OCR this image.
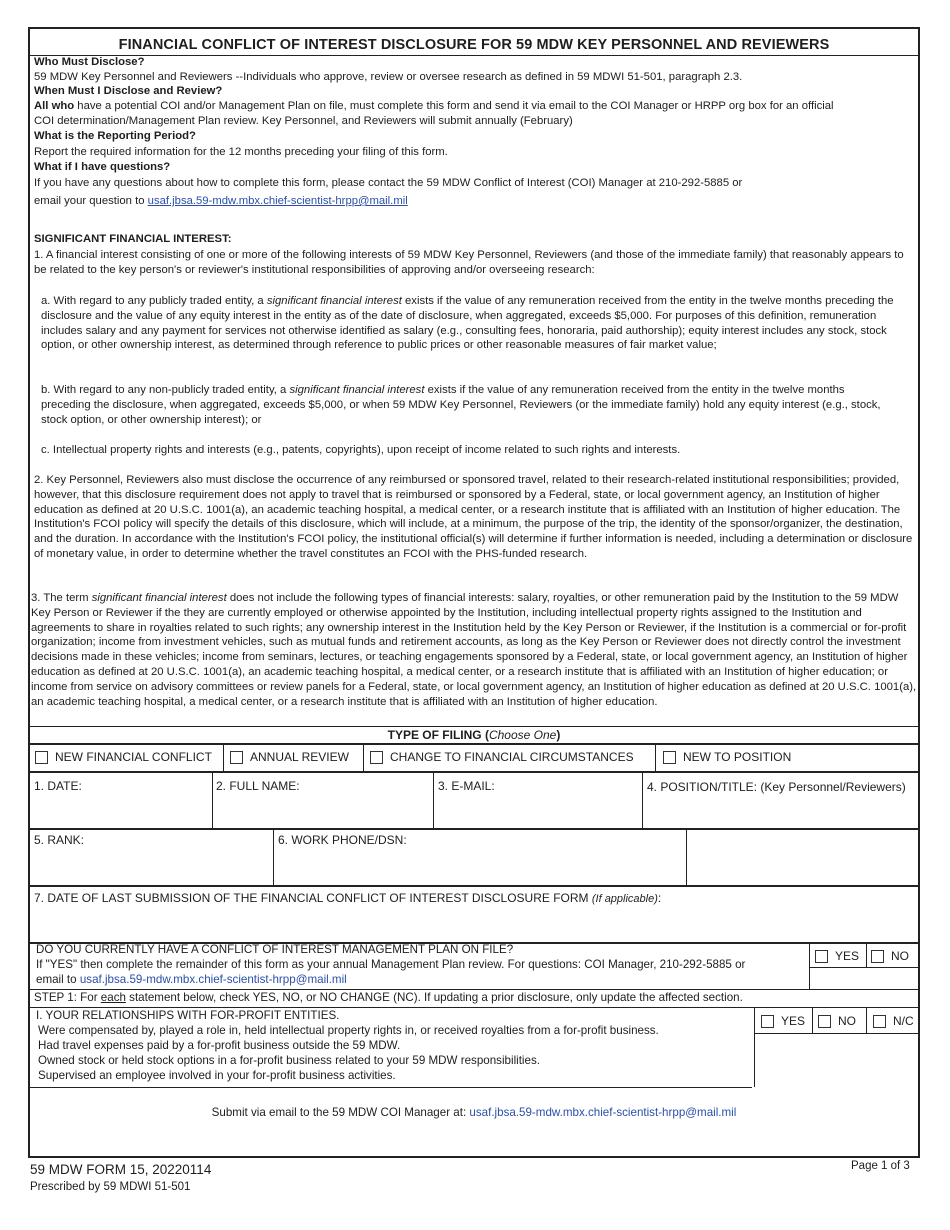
FINANCIAL CONFLICT OF INTEREST DISCLOSURE FOR 59 MDW KEY PERSONNEL AND REVIEWERS
Who Must Disclose?
59 MDW Key Personnel and Reviewers --Individuals who approve, review or oversee research as defined in 59 MDWI 51-501, paragraph 2.3.
When Must I Disclose and Review?
All who have a potential COI and/or Management Plan on file, must complete this form and send it via email to the COI Manager or HRPP org box for an official
COI determination/Management Plan review. Key Personnel, and Reviewers will submit annually (February)
What is the Reporting Period?
Report the required information for the 12 months preceding your filing of this form.
What if I have questions?
If you have any questions about how to complete this form, please contact the 59 MDW Conflict of Interest (COI) Manager at 210-292-5885 or
email your question to usaf.jbsa.59-mdw.mbx.chief-scientist-hrpp@mail.mil
SIGNIFICANT FINANCIAL INTEREST:
1. A financial interest consisting of one or more of the following interests of 59 MDW Key Personnel, Reviewers (and those of the immediate family) that reasonably appears to be related to the key person's or reviewer's institutional responsibilities of approving and/or overseeing research:
a. With regard to any publicly traded entity, a significant financial interest exists if the value of any remuneration received from the entity in the twelve months preceding the disclosure and the value of any equity interest in the entity as of the date of disclosure, when aggregated, exceeds $5,000. For purposes of this definition, remuneration includes salary and any payment for services not otherwise identified as salary (e.g., consulting fees, honoraria, paid authorship); equity interest includes any stock, stock option, or other ownership interest, as determined through reference to public prices or other reasonable measures of fair market value;
b. With regard to any non-publicly traded entity, a significant financial interest exists if the value of any remuneration received from the entity in the twelve months preceding the disclosure, when aggregated, exceeds $5,000, or when 59 MDW Key Personnel, Reviewers (or the immediate family) hold any equity interest (e.g., stock, stock option, or other ownership interest); or
c. Intellectual property rights and interests (e.g., patents, copyrights), upon receipt of income related to such rights and interests.
2. Key Personnel, Reviewers also must disclose the occurrence of any reimbursed or sponsored travel, related to their research-related institutional responsibilities; provided, however, that this disclosure requirement does not apply to travel that is reimbursed or sponsored by a Federal, state, or local government agency, an Institution of higher education as defined at 20 U.S.C. 1001(a), an academic teaching hospital, a medical center, or a research institute that is affiliated with an Institution of higher education. The Institution's FCOI policy will specify the details of this disclosure, which will include, at a minimum, the purpose of the trip, the identity of the sponsor/organizer, the destination, and the duration. In accordance with the Institution's FCOI policy, the institutional official(s) will determine if further information is needed, including a determination or disclosure of monetary value, in order to determine whether the travel constitutes an FCOI with the PHS-funded research.
3. The term significant financial interest does not include the following types of financial interests: salary, royalties, or other remuneration paid by the Institution to the 59 MDW Key Person or Reviewer if the they are currently employed or otherwise appointed by the Institution, including intellectual property rights assigned to the Institution and agreements to share in royalties related to such rights; any ownership interest in the Institution held by the Key Person or Reviewer, if the Institution is a commercial or for-profit organization; income from investment vehicles, such as mutual funds and retirement accounts, as long as the Key Person or Reviewer does not directly control the investment decisions made in these vehicles; income from seminars, lectures, or teaching engagements sponsored by a Federal, state, or local government agency, an Institution of higher education as defined at 20 U.S.C. 1001(a), an academic teaching hospital, a medical center, or a research institute that is affiliated with an Institution of higher education; or income from service on advisory committees or review panels for a Federal, state, or local government agency, an Institution of higher education as defined at 20 U.S.C. 1001(a), an academic teaching hospital, a medical center, or a research institute that is affiliated with an Institution of higher education.
TYPE OF FILING (Choose One)
NEW FINANCIAL CONFLICT	ANNUAL REVIEW	CHANGE TO FINANCIAL CIRCUMSTANCES	NEW TO POSITION
1. DATE:	2. FULL NAME:	3. E-MAIL:	4. POSITION/TITLE: (Key Personnel/Reviewers)
5. RANK:	6. WORK PHONE/DSN:
7. DATE OF LAST SUBMISSION OF THE FINANCIAL CONFLICT OF INTEREST DISCLOSURE FORM (If applicable):
DO YOU CURRENTLY HAVE A CONFLICT OF INTEREST MANAGEMENT PLAN ON FILE?
If "YES" then complete the remainder of this form as your annual Management Plan review. For questions: COI Manager, 210-292-5885 or
email to usaf.jbsa.59-mdw.mbx.chief-scientist-hrpp@mail.mil
YES	NO
STEP 1: For each statement below, check YES, NO, or NO CHANGE (NC). If updating a prior disclosure, only update the affected section.
I. YOUR RELATIONSHIPS WITH FOR-PROFIT ENTITIES.
Were compensated by, played a role in, held intellectual property rights in, or received royalties from a for-profit business.
Had travel expenses paid by a for-profit business outside the 59 MDW.
Owned stock or held stock options in a for-profit business related to your 59 MDW responsibilities.
Supervised an employee involved in your for-profit business activities.
YES	NO	N/C
Submit via email to the 59 MDW COI Manager at: usaf.jbsa.59-mdw.mbx.chief-scientist-hrpp@mail.mil
59 MDW FORM 15, 20220114
Prescribed by 59 MDWI 51-501
Page 1 of 3
